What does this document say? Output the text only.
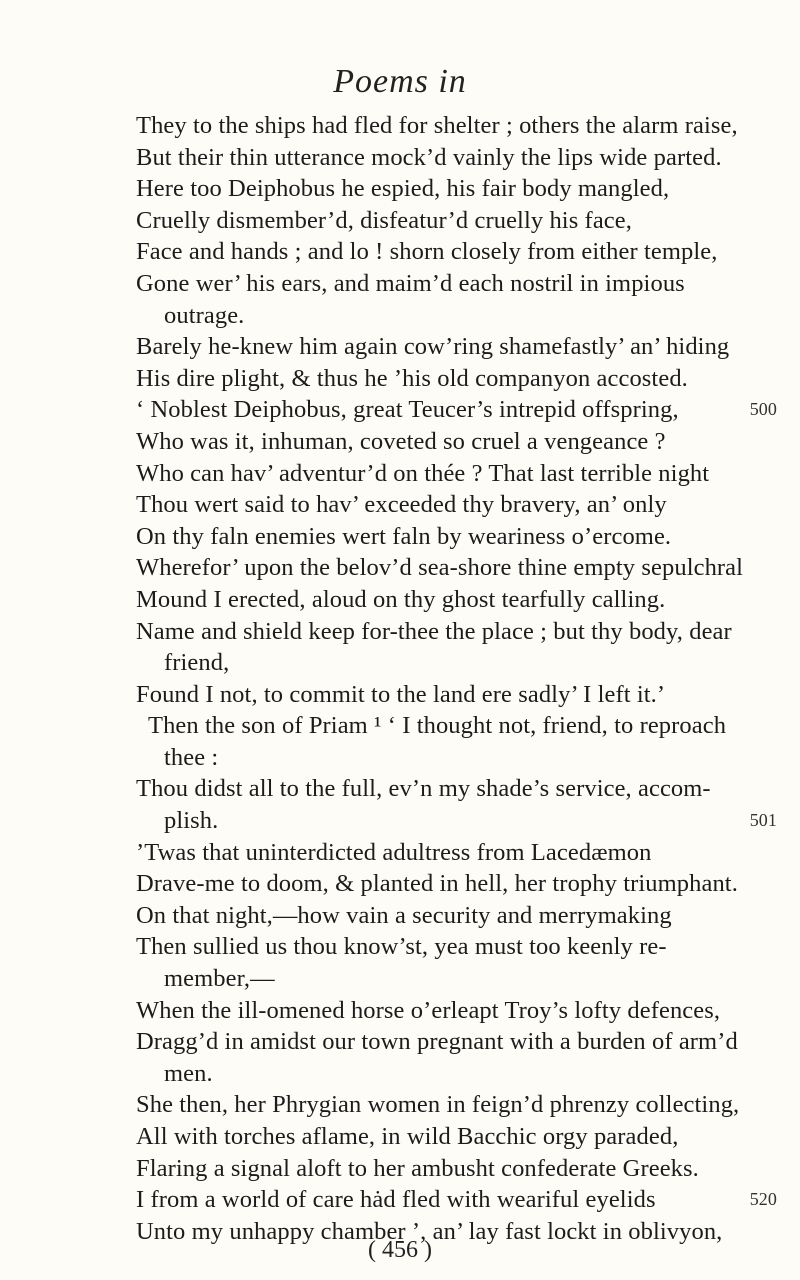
Poems in
They to the ships had fled for shelter ; others the alarm raise,
But their thin utterance mock’d vainly the lips wide parted.
Here too Deiphobus he espied, his fair body mangled,
Cruelly dismember’d, disfeatur’d cruelly his face,
Face and hands ; and lo ! shorn closely from either temple,
Gone wer’ his ears, and maim’d each nostril in impious
outrage.
Barely he-knew him again cow’ring shamefastly’ an’ hiding
His dire plight, & thus he ’his old companyon accosted.
‘ Noblest Deiphobus, great Teucer’s intrepid offspring,	500
Who was it, inhuman, coveted so cruel a vengeance ?
Who can hav’ adventur’d on thée ? That last terrible night
Thou wert said to hav’ exceeded thy bravery, an’ only
On thy faln enemies wert faln by weariness o’ercome.
Wherefor’ upon the belov’d sea-shore thine empty sepulchral
Mound I erected, aloud on thy ghost tearfully calling.
Name and shield keep for-thee the place ; but thy body, dear
friend,
Found I not, to commit to the land ere sadly’ I left it.’
Then the son of Priam ¹ ‘ I thought not, friend, to reproach
thee :
Thou didst all to the full, ev’n my shade’s service, accom-
plish.	501
’Twas that uninterdicted adultress from Lacedæmon
Drave-me to doom, & planted in hell, her trophy triumphant.
On that night,—how vain a security and merrymaking
Then sullied us thou know’st, yea must too keenly re-
member,—
When the ill-omened horse o’erleapt Troy’s lofty defences,
Dragg’d in amidst our town pregnant with a burden of arm’d
men.
She then, her Phrygian women in feign’d phrenzy collecting,
All with torches aflame, in wild Bacchic orgy paraded,
Flaring a signal aloft to her ambusht confederate Greeks.
I from a world of care hȧd fled with weariful eyelids	520
Unto my unhappy chamber ’, an’ lay fast lockt in oblivyon,
( 456 )
